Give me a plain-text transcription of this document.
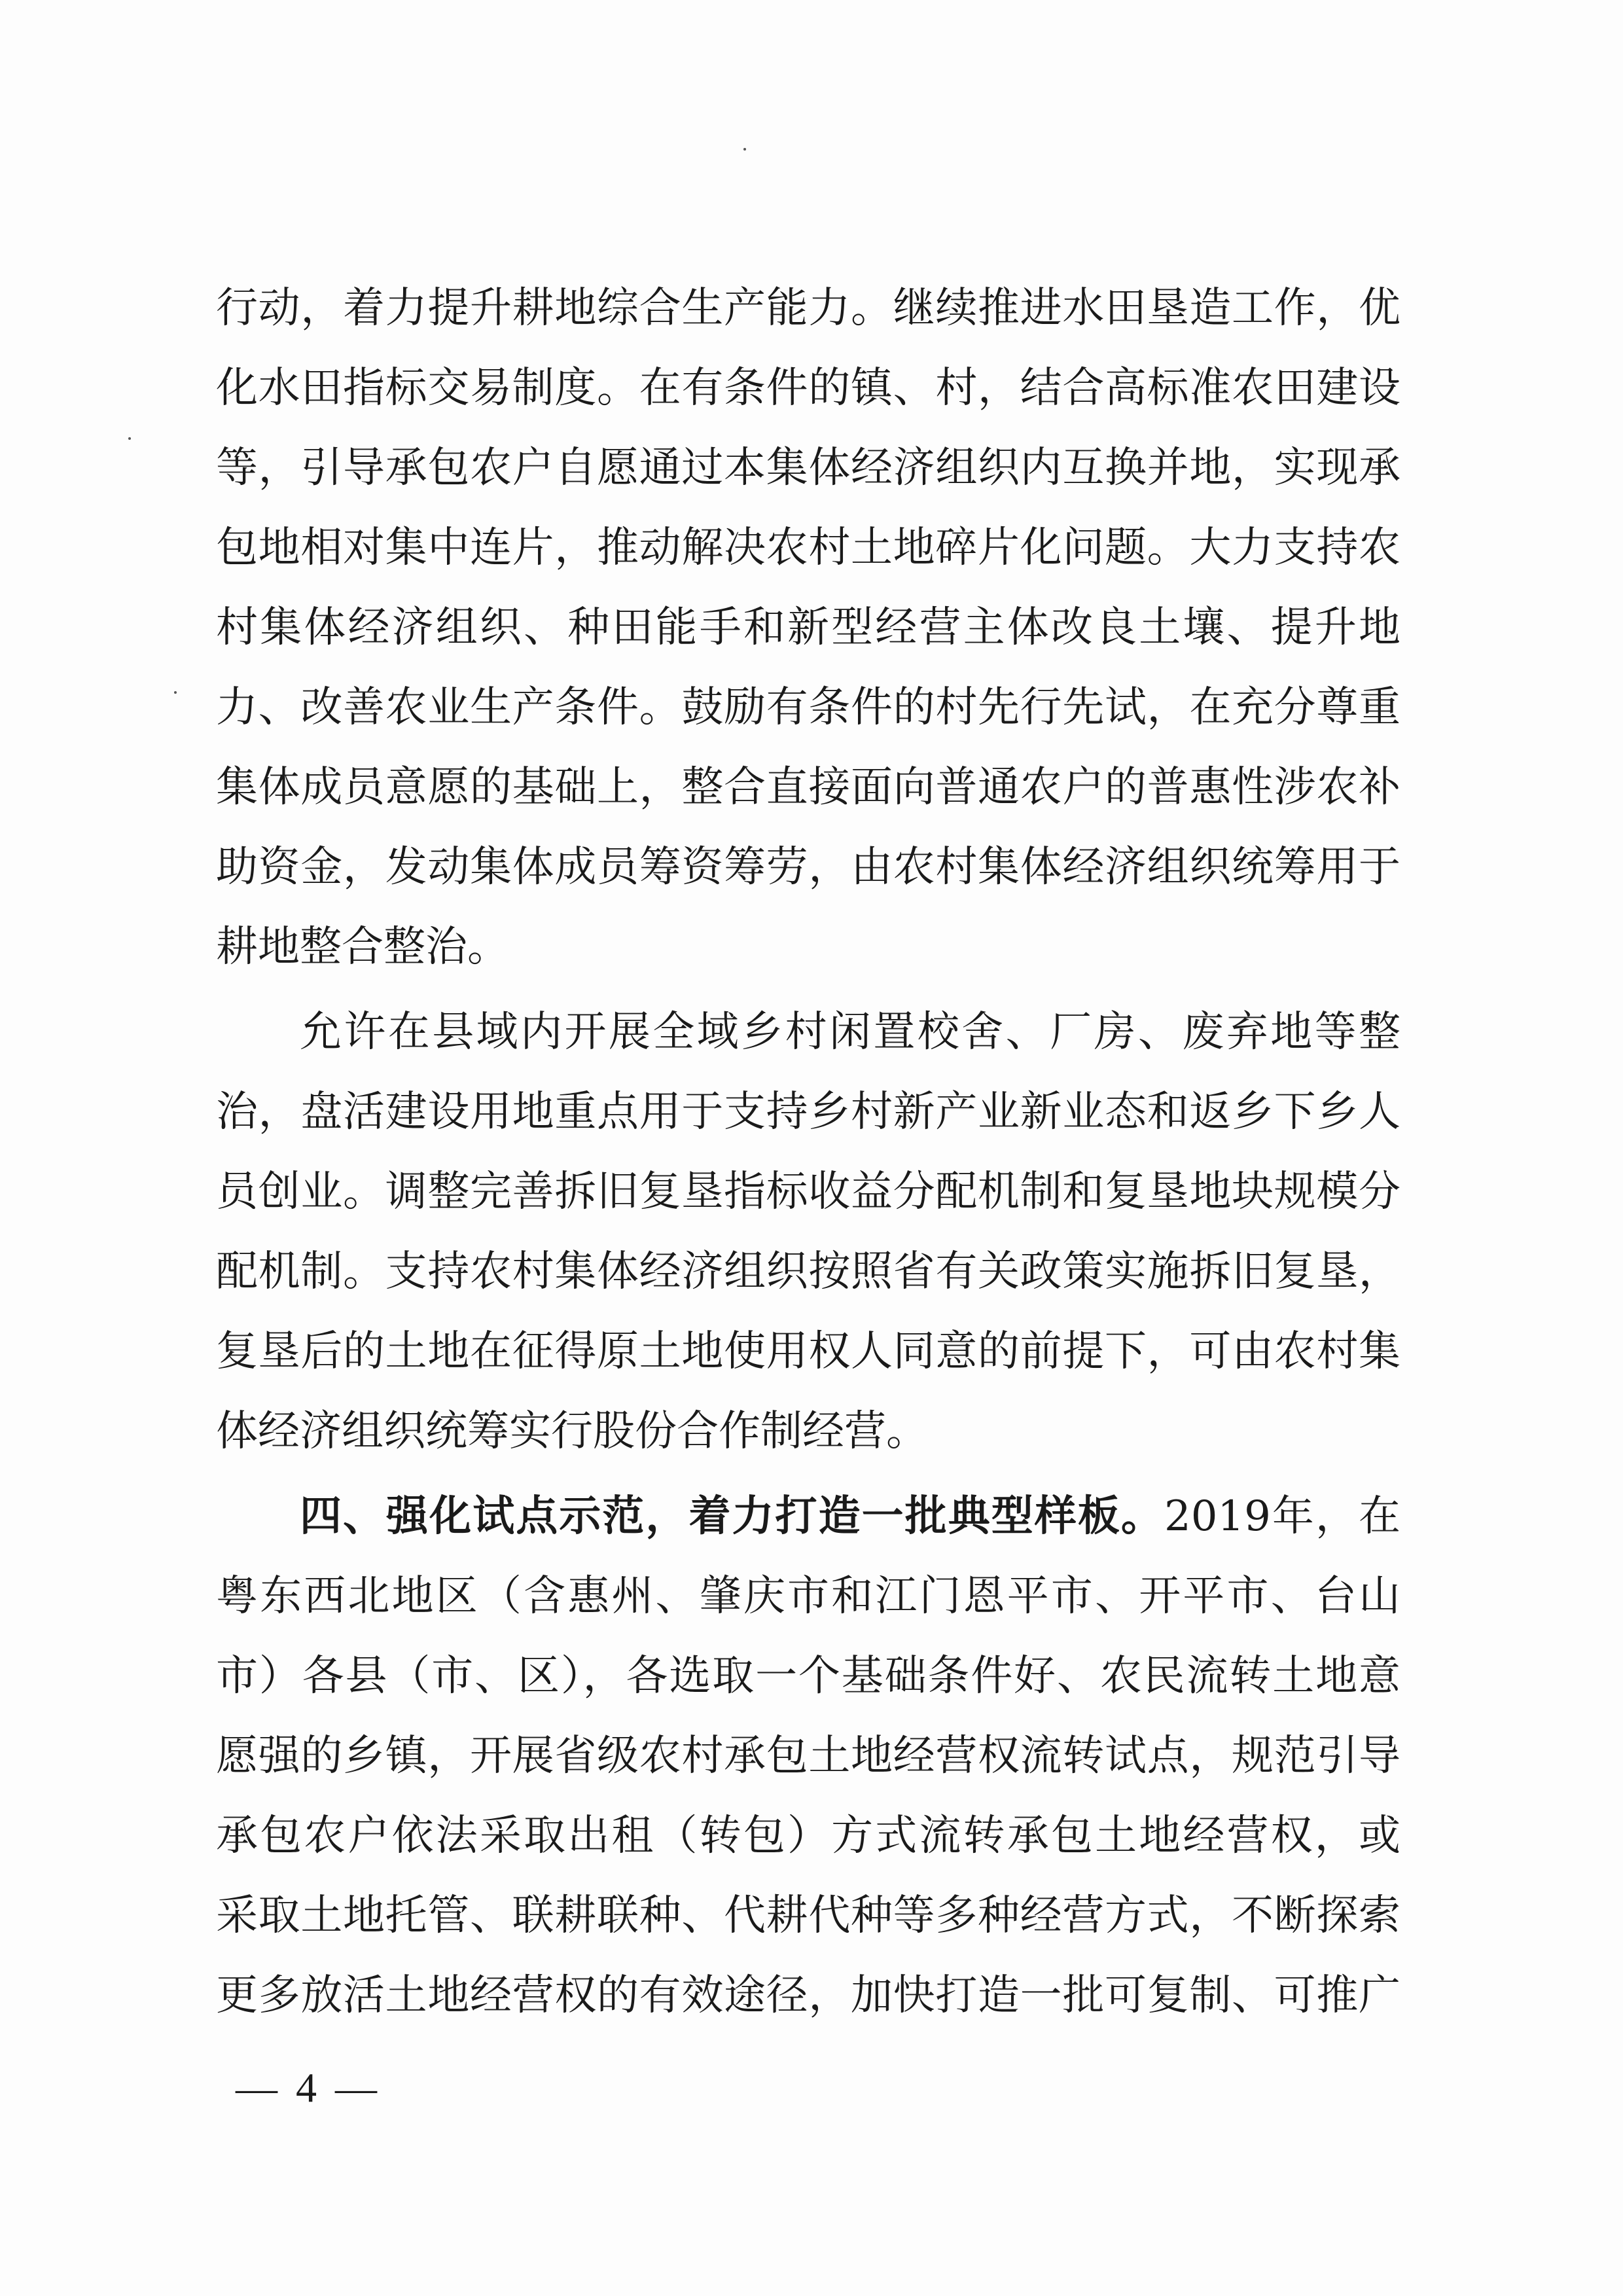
行动，着力提升耕地综合生产能力。继续推进水田垦造工作，优
化水田指标交易制度。在有条件的镇、村，结合高标准农田建设
等，引导承包农户自愿通过本集体经济组织内互换并地，实现承
包地相对集中连片，推动解决农村土地碎片化问题。大力支持农
村集体经济组织、种田能手和新型经营主体改良土壤、提升地
力、改善农业生产条件。鼓励有条件的村先行先试，在充分尊重
集体成员意愿的基础上，整合直接面向普通农户的普惠性涉农补
助资金，发动集体成员筹资筹劳，由农村集体经济组织统筹用于
耕地整合整治。
允许在县域内开展全域乡村闲置校舍、厂房、废弃地等整
治，盘活建设用地重点用于支持乡村新产业新业态和返乡下乡人
员创业。调整完善拆旧复垦指标收益分配机制和复垦地块规模分
配机制。支持农村集体经济组织按照省有关政策实施拆旧复垦，
复垦后的土地在征得原土地使用权人同意的前提下，可由农村集
体经济组织统筹实行股份合作制经营。
四、强化试点示范，着力打造一批典型样板。2019年，在
粤东西北地区（含惠州、肇庆市和江门恩平市、开平市、台山
市）各县（市、区），各选取一个基础条件好、农民流转土地意
愿强的乡镇，开展省级农村承包土地经营权流转试点，规范引导
承包农户依法采取出租（转包）方式流转承包土地经营权，或
采取土地托管、联耕联种、代耕代种等多种经营方式，不断探索
更多放活土地经营权的有效途径，加快打造一批可复制、可推广
— 4 —
